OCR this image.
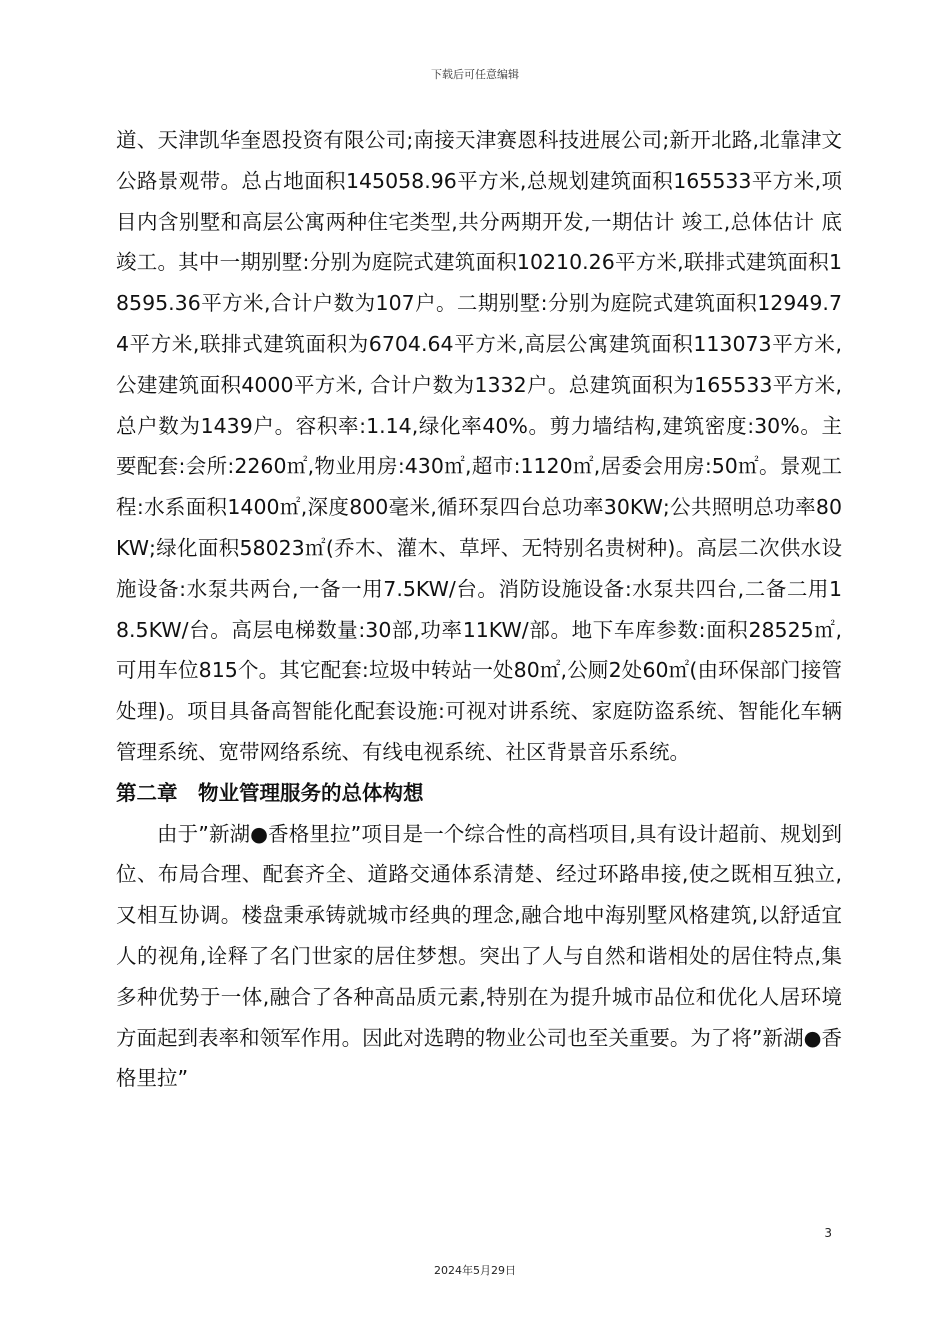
下载后可任意编辑

道、天津凯华奎恩投资有限公司;南接天津赛恩科技进展公司;新开北路,北靠津文公路景观带。总占地面积145058.96平方米,总规划建筑面积165533平方米,项目内含别墅和高层公寓两种住宅类型,共分两期开发,一期估计 竣工,总体估计 底竣工。其中一期别墅:分别为庭院式建筑面积10210.26平方米,联排式建筑面积18595.36平方米,合计户数为107户。二期别墅:分别为庭院式建筑面积12949.74平方米,联排式建筑面积为6704.64平方米,高层公寓建筑面积113073平方米,公建建筑面积4000平方米, 合计户数为1332户。总建筑面积为165533平方米,总户数为1439户。容积率:1.14,绿化率40%。剪力墙结构,建筑密度:30%。主要配套:会所:2260㎡,物业用房:430㎡,超市:1120㎡,居委会用房:50㎡。景观工程:水系面积1400㎡,深度800毫米,循环泵四台总功率30KW;公共照明总功率80KW;绿化面积58023㎡(乔木、灌木、草坪、无特别名贵树种)。高层二次供水设施设备:水泵共两台,一备一用7.5KW/台。消防设施设备:水泵共四台,二备二用18.5KW/台。高层电梯数量:30部,功率11KW/部。地下车库参数:面积28525㎡,可用车位815个。其它配套:垃圾中转站一处80㎡,公厕2处60㎡(由环保部门接管处理)。项目具备高智能化配套设施:可视对讲系统、家庭防盗系统、智能化车辆管理系统、宽带网络系统、有线电视系统、社区背景音乐系统。

第二章　物业管理服务的总体构想

由于”新湖●香格里拉”项目是一个综合性的高档项目,具有设计超前、规划到位、布局合理、配套齐全、道路交通体系清楚、经过环路串接,使之既相互独立,又相互协调。楼盘秉承铸就城市经典的理念,融合地中海别墅风格建筑,以舒适宜人的视角,诠释了名门世家的居住梦想。突出了人与自然和谐相处的居住特点,集多种优势于一体,融合了各种高品质元素,特别在为提升城市品位和优化人居环境方面起到表率和领军作用。因此对选聘的物业公司也至关重要。为了将”新湖●香格里拉”

3
2024年5月29日
